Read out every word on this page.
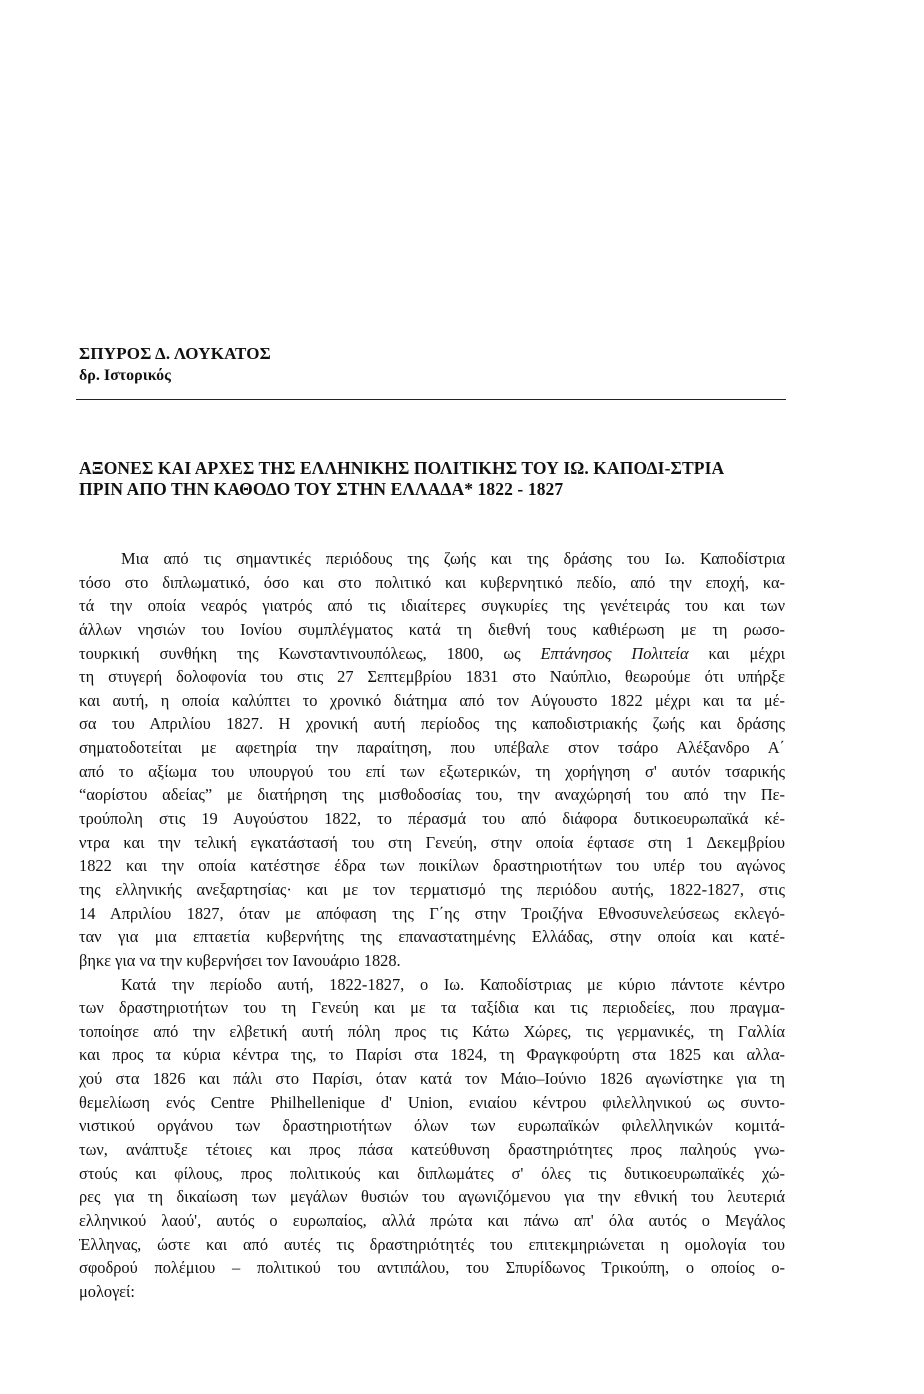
ΣΠΥΡΟΣ Δ. ΛΟΥΚΑΤΟΣ
δρ. Ιστορικός
ΑΞΟΝΕΣ ΚΑΙ ΑΡΧΕΣ ΤΗΣ ΕΛΛΗΝΙΚΗΣ ΠΟΛΙΤΙΚΗΣ ΤΟΥ ΙΩ. ΚΑΠΟΔΙ-ΣΤΡΙΑ
ΠΡΙΝ ΑΠΟ ΤΗΝ ΚΑΘΟΔΟ ΤΟΥ ΣΤΗΝ ΕΛΛΑΔΑ* 1822 - 1827
Μια από τις σημαντικές περιόδους της ζωής και της δράσης του Ιω. Καποδίστρια
τόσο στο διπλωματικό, όσο και στο πολιτικό και κυβερνητικό πεδίο, από την εποχή, κα-
τά την οποία νεαρός γιατρός από τις ιδιαίτερες συγκυρίες της γενέτειράς του και των
άλλων νησιών του Ιονίου συμπλέγματος κατά τη διεθνή τους καθιέρωση με τη ρωσο-
τουρκική συνθήκη της Κωνσταντινουπόλεως, 1800, ως Επτάνησος Πολιτεία και μέχρι
τη στυγερή δολοφονία του στις 27 Σεπτεμβρίου 1831 στο Ναύπλιο, θεωρούμε ότι υπήρξε
και αυτή, η οποία καλύπτει το χρονικό διάτημα από τον Αύγουστο 1822 μέχρι και τα μέ-
σα του Απριλίου 1827. Η χρονική αυτή περίοδος της καποδιστριακής ζωής και δράσης
σηματοδοτείται με αφετηρία την παραίτηση, που υπέβαλε στον τσάρο Αλέξανδρο Α΄
από το αξίωμα του υπουργού του επί των εξωτερικών, τη χορήγηση σ' αυτόν τσαρικής
“αορίστου αδείας” με διατήρηση της μισθοδοσίας του, την αναχώρησή του από την Πε-
τρούπολη στις 19 Αυγούστου 1822, το πέρασμά του από διάφορα δυτικοευρωπαϊκά κέ-
ντρα και την τελική εγκατάστασή του στη Γενεύη, στην οποία έφτασε στη 1 Δεκεμβρίου
1822 και την οποία κατέστησε έδρα των ποικίλων δραστηριοτήτων του υπέρ του αγώνος
της ελληνικής ανεξαρτησίας· και με τον τερματισμό της περιόδου αυτής, 1822-1827, στις
14 Απριλίου 1827, όταν με απόφαση της Γ΄ης στην Τροιζήνα Εθνοσυνελεύσεως εκλεγό-
ταν για μια επταετία κυβερνήτης της επαναστατημένης Ελλάδας, στην οποία και κατέ-
βηκε για να την κυβερνήσει τον Ιανουάριο 1828.
Κατά την περίοδο αυτή, 1822-1827, ο Ιω. Καποδίστριας με κύριο πάντοτε κέντρο
των δραστηριοτήτων του τη Γενεύη και με τα ταξίδια και τις περιοδείες, που πραγμα-
τοποίησε από την ελβετική αυτή πόλη προς τις Κάτω Χώρες, τις γερμανικές, τη Γαλλία
και προς τα κύρια κέντρα της, το Παρίσι στα 1824, τη Φραγκφούρτη στα 1825 και αλλα-
χού στα 1826 και πάλι στο Παρίσι, όταν κατά τον Μάιο–Ιούνιο 1826 αγωνίστηκε για τη
θεμελίωση ενός Centre Philhellenique d' Union, ενιαίου κέντρου φιλελληνικού ως συντο-
νιστικού οργάνου των δραστηριοτήτων όλων των ευρωπαϊκών φιλελληνικών κομιτά-
των, ανάπτυξε τέτοιες και προς πάσα κατεύθυνση δραστηριότητες προς παληούς γνω-
στούς και φίλους, προς πολιτικούς και διπλωμάτες σ' όλες τις δυτικοευρωπαϊκές χώ-
ρες για τη δικαίωση των μεγάλων θυσιών του αγωνιζόμενου για την εθνική του λευτεριά
ελληνικού λαού', αυτός ο ευρωπαίος, αλλά πρώτα και πάνω απ' όλα αυτός ο Μεγάλος
Έλληνας, ώστε και από αυτές τις δραστηριότητές του επιτεκμηριώνεται η ομολογία του
σφοδρού πολέμιου – πολιτικού του αντιπάλου, του Σπυρίδωνος Τρικούπη, ο οποίος ο-
μολογεί:
